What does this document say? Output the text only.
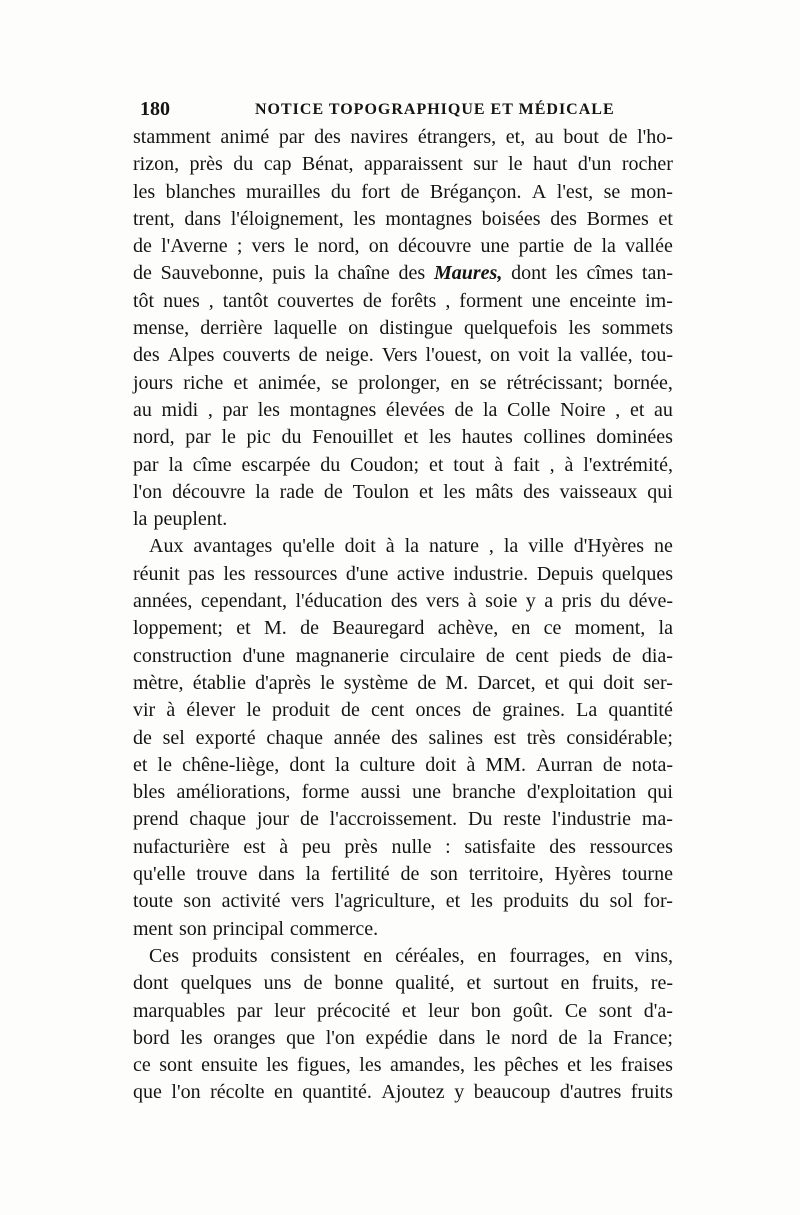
180	NOTICE TOPOGRAPHIQUE ET MÉDICALE
stamment animé par des navires étrangers, et, au bout de l'ho-
rizon, près du cap Bénat, apparaissent sur le haut d'un rocher
les blanches murailles du fort de Brégançon. A l'est, se mon-
trent, dans l'éloignement, les montagnes boisées des Bormes et
de l'Averne ; vers le nord, on découvre une partie de la vallée
de Sauvebonne, puis la chaîne des Maures, dont les cîmes tan-
tôt nues , tantôt couvertes de forêts , forment une enceinte im-
mense, derrière laquelle on distingue quelquefois les sommets
des Alpes couverts de neige. Vers l'ouest, on voit la vallée, tou-
jours riche et animée, se prolonger, en se rétrécissant; bornée,
au midi , par les montagnes élevées de la Colle Noire , et au
nord, par le pic du Fenouillet et les hautes collines dominées
par la cîme escarpée du Coudon; et tout à fait , à l'extrémité,
l'on découvre la rade de Toulon et les mâts des vaisseaux qui
la peuplent.
Aux avantages qu'elle doit à la nature , la ville d'Hyères ne
réunit pas les ressources d'une active industrie. Depuis quelques
années, cependant, l'éducation des vers à soie y a pris du déve-
loppement; et M. de Beauregard achève, en ce moment, la
construction d'une magnanerie circulaire de cent pieds de dia-
mètre, établie d'après le système de M. Darcet, et qui doit ser-
vir à élever le produit de cent onces de graines. La quantité
de sel exporté chaque année des salines est très considérable;
et le chêne-liège, dont la culture doit à MM. Aurran de nota-
bles améliorations, forme aussi une branche d'exploitation qui
prend chaque jour de l'accroissement. Du reste l'industrie ma-
nufacturière est à peu près nulle : satisfaite des ressources
qu'elle trouve dans la fertilité de son territoire, Hyères tourne
toute son activité vers l'agriculture, et les produits du sol for-
ment son principal commerce.
Ces produits consistent en céréales, en fourrages, en vins,
dont quelques uns de bonne qualité, et surtout en fruits, re-
marquables par leur précocité et leur bon goût. Ce sont d'a-
bord les oranges que l'on expédie dans le nord de la France;
ce sont ensuite les figues, les amandes, les pêches et les fraises
que l'on récolte en quantité. Ajoutez y beaucoup d'autres fruits
